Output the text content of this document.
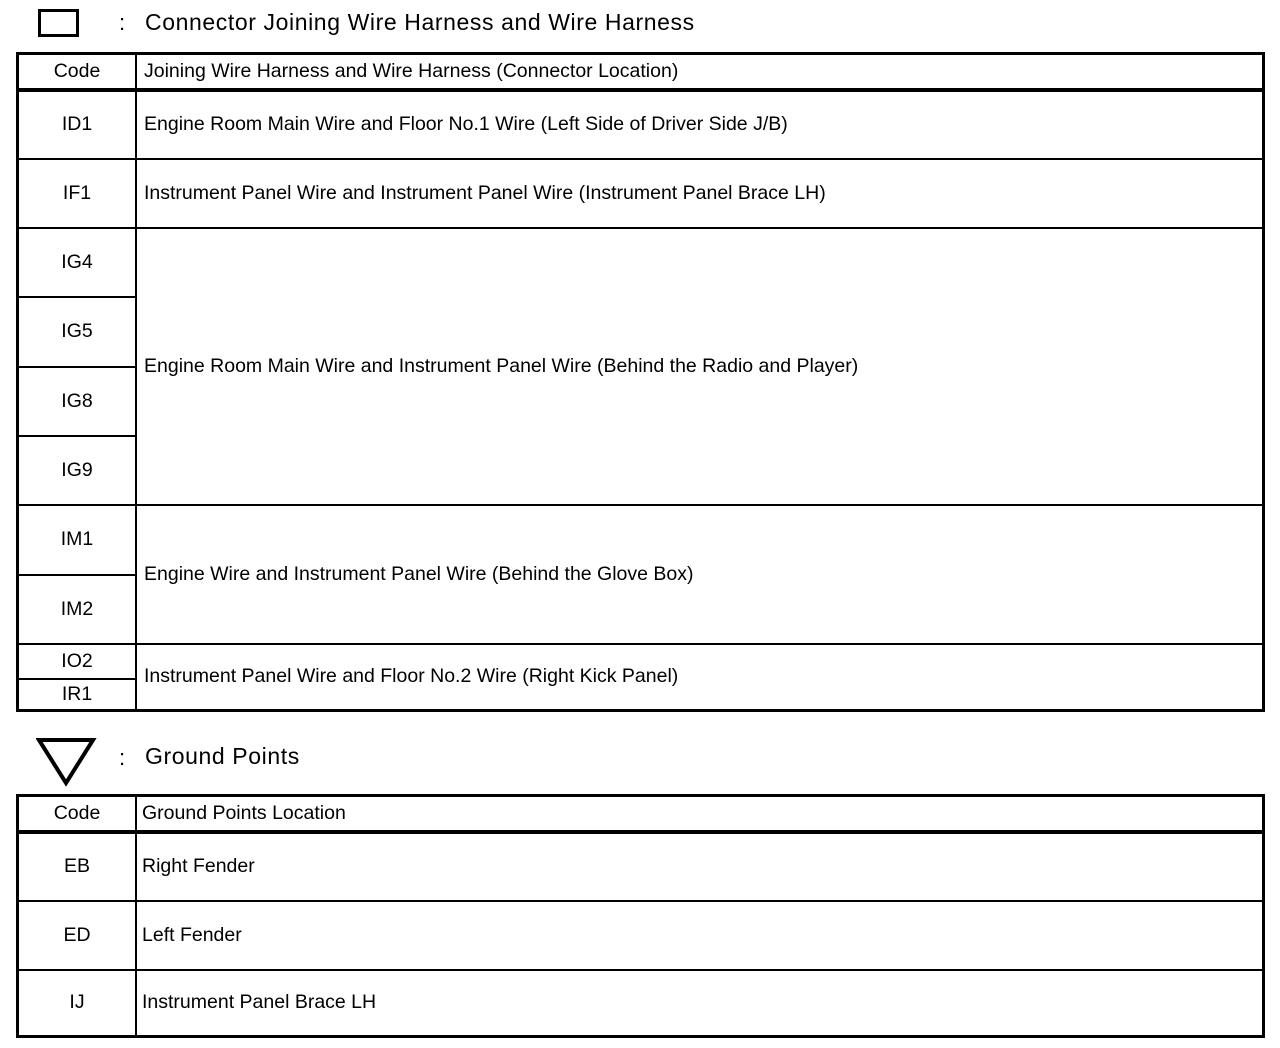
: Connector Joining Wire Harness and Wire Harness
Code	Joining Wire Harness and Wire Harness (Connector Location)
ID1	Engine Room Main Wire and Floor No.1 Wire (Left Side of Driver Side J/B)
IF1	Instrument Panel Wire and Instrument Panel Wire (Instrument Panel Brace LH)
IG4	Engine Room Main Wire and Instrument Panel Wire (Behind the Radio and Player)
IG5	
IG8	
IG9	
IM1	Engine Wire and Instrument Panel Wire (Behind the Glove Box)
IM2	
IO2	Instrument Panel Wire and Floor No.2 Wire (Right Kick Panel)
IR1	
: Ground Points
Code	Ground Points Location
EB	Right Fender
ED	Left Fender
IJ	Instrument Panel Brace LH
